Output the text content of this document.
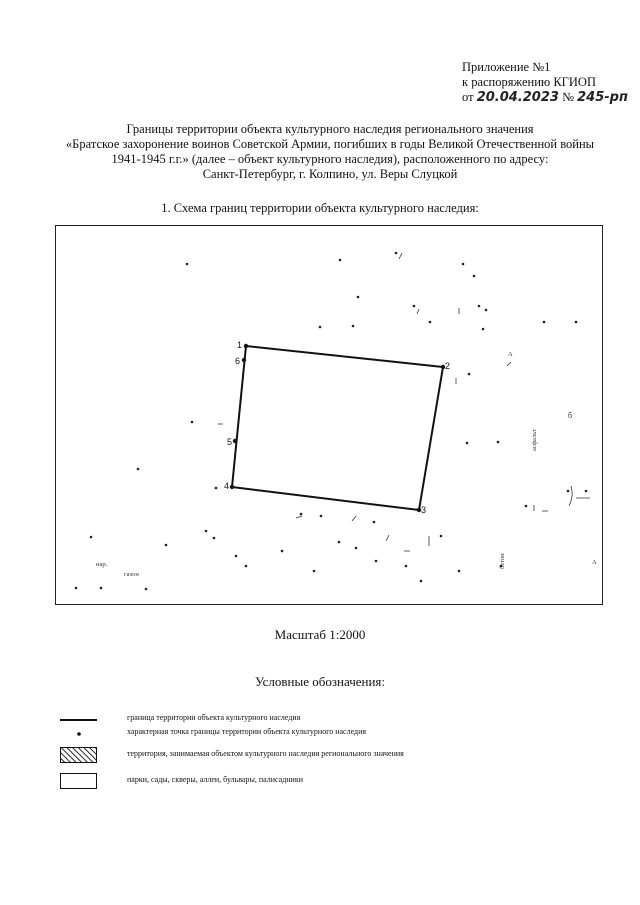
Приложение №1
к распоряжению КГИОП
от 20.04.2023 № 245-рп
Границы территории объекта культурного наследия регионального значения
«Братское захоронение воинов Советской Армии, погибших в годы Великой Отечественной войны
1941-1945 г.г.» (далее – объект культурного наследия), расположенного по адресу:
Санкт-Петербург, г. Колпино, ул. Веры Слуцкой
1. Схема границ территории объекта культурного наследия:
1
2
3
4
5
6
нар.
газон
А
асфальт
б
А
бетон
Масштаб 1:2000
Условные обозначения:
граница территории объекта культурного наследия
характерная точка границы территории объекта культурного наследия
территория, занимаемая объектом культурного наследия регионального значения
парки, сады, скверы, аллеи, бульвары, палисадники
